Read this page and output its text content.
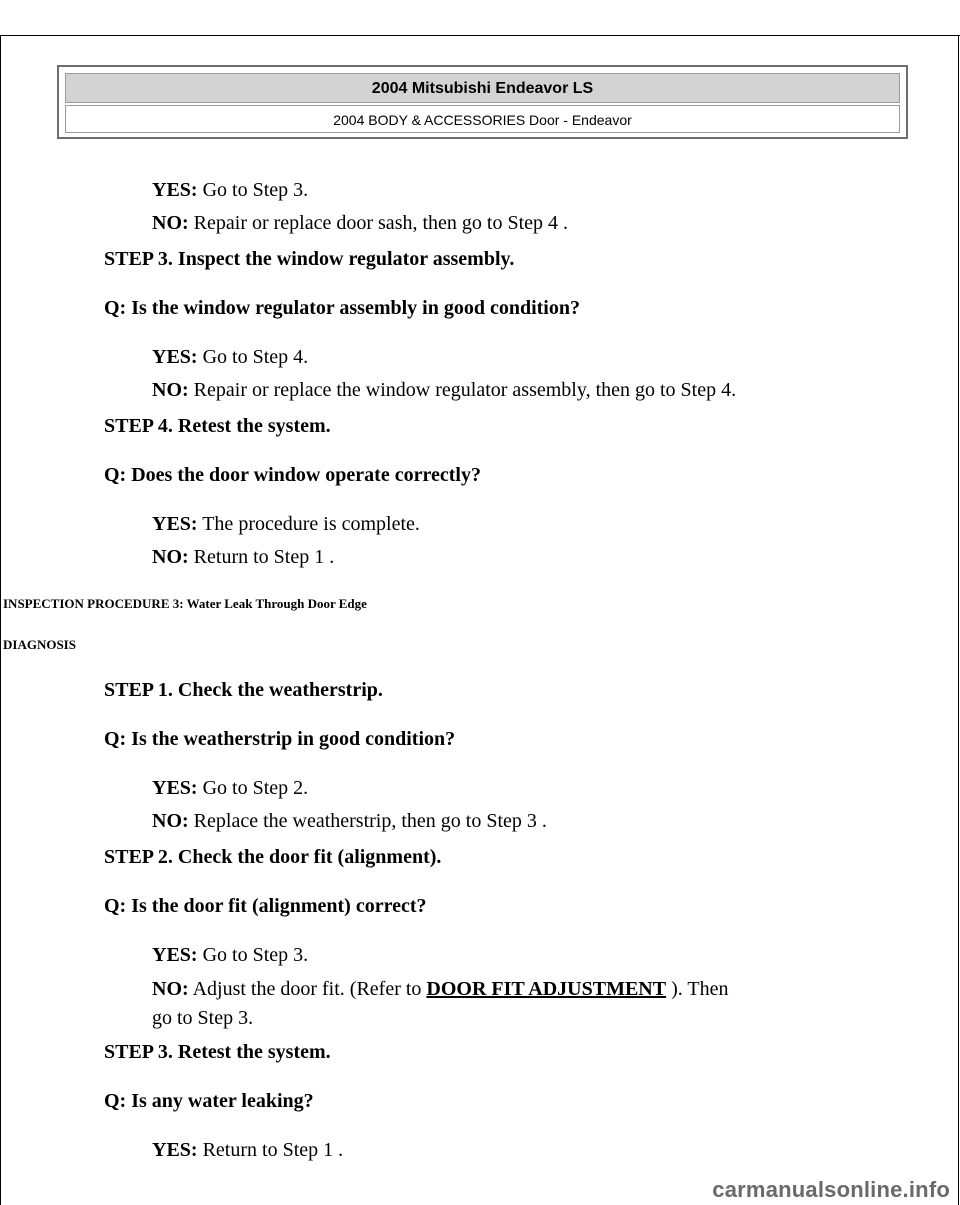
2004 Mitsubishi Endeavor LS
2004 BODY & ACCESSORIES Door - Endeavor
YES: Go to Step 3.
NO: Repair or replace door sash, then go to Step 4 .
STEP 3. Inspect the window regulator assembly.
Q: Is the window regulator assembly in good condition?
YES: Go to Step 4.
NO: Repair or replace the window regulator assembly, then go to Step 4.
STEP 4. Retest the system.
Q: Does the door window operate correctly?
YES: The procedure is complete.
NO: Return to Step 1 .
INSPECTION PROCEDURE 3: Water Leak Through Door Edge
DIAGNOSIS
STEP 1. Check the weatherstrip.
Q: Is the weatherstrip in good condition?
YES: Go to Step 2.
NO: Replace the weatherstrip, then go to Step 3 .
STEP 2. Check the door fit (alignment).
Q: Is the door fit (alignment) correct?
YES: Go to Step 3.
NO: Adjust the door fit. (Refer to DOOR FIT ADJUSTMENT ). Then
go to Step 3.
STEP 3. Retest the system.
Q: Is any water leaking?
YES: Return to Step 1 .
carmanualsonline.info
